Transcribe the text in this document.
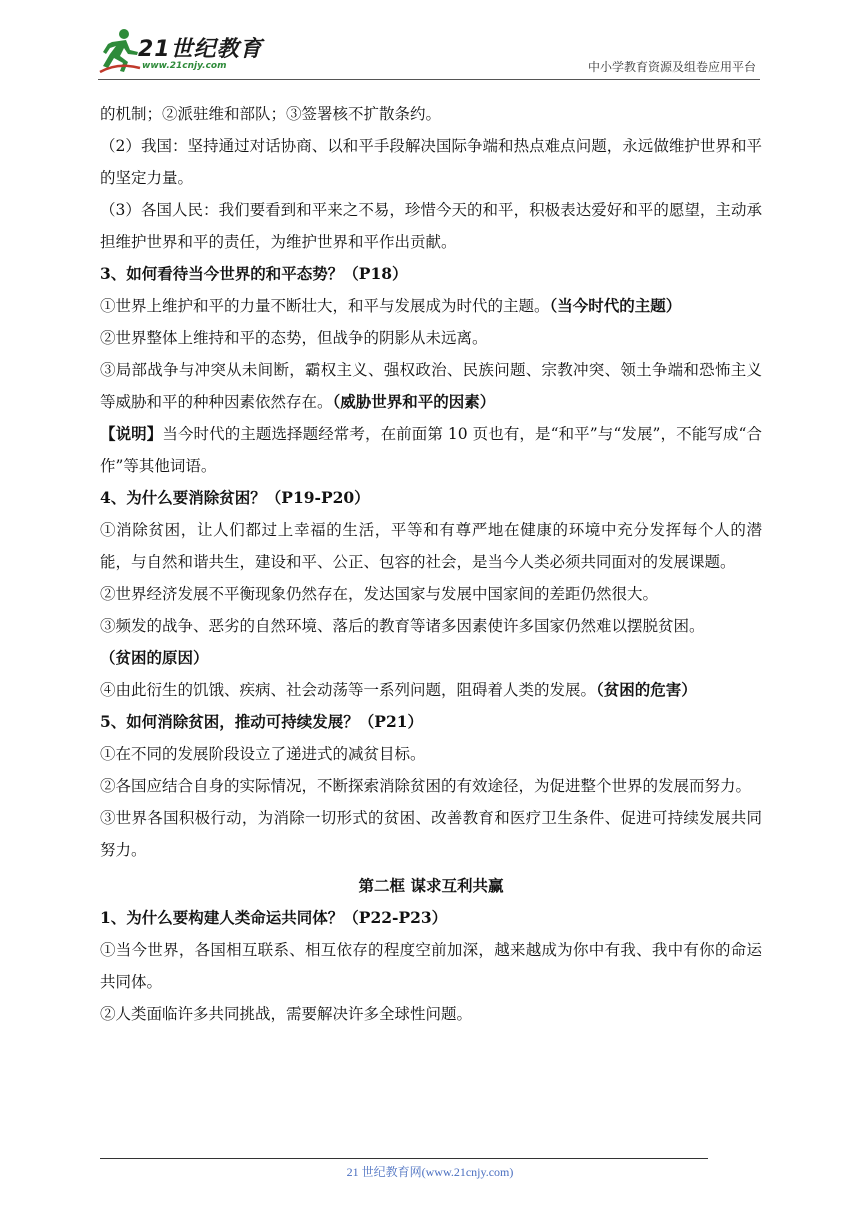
21世纪教育
www.21cnjy.com	中小学教育资源及组卷应用平台

的机制；②派驻维和部队；③签署核不扩散条约。

（2）我国：坚持通过对话协商、以和平手段解决国际争端和热点难点问题，永远做维护世界和平的坚定力量。

（3）各国人民：我们要看到和平来之不易，珍惜今天的和平，积极表达爱好和平的愿望，主动承担维护世界和平的责任，为维护世界和平作出贡献。

3、如何看待当今世界的和平态势？（P18）

①世界上维护和平的力量不断壮大，和平与发展成为时代的主题。（当今时代的主题）

②世界整体上维持和平的态势，但战争的阴影从未远离。

③局部战争与冲突从未间断，霸权主义、强权政治、民族问题、宗教冲突、领土争端和恐怖主义等威胁和平的种种因素依然存在。（威胁世界和平的因素）

【说明】当今时代的主题选择题经常考，在前面第 10 页也有，是“和平”与“发展”，不能写成“合作”等其他词语。

4、为什么要消除贫困？（P19-P20）

①消除贫困，让人们都过上幸福的生活，平等和有尊严地在健康的环境中充分发挥每个人的潜能，与自然和谐共生，建设和平、公正、包容的社会，是当今人类必须共同面对的发展课题。

②世界经济发展不平衡现象仍然存在，发达国家与发展中国家间的差距仍然很大。

③频发的战争、恶劣的自然环境、落后的教育等诸多因素使许多国家仍然难以摆脱贫困。

（贫困的原因）

④由此衍生的饥饿、疾病、社会动荡等一系列问题，阻碍着人类的发展。（贫困的危害）

5、如何消除贫困，推动可持续发展？（P21）

①在不同的发展阶段设立了递进式的减贫目标。

②各国应结合自身的实际情况，不断探索消除贫困的有效途径，为促进整个世界的发展而努力。

③世界各国积极行动，为消除一切形式的贫困、改善教育和医疗卫生条件、促进可持续发展共同努力。

第二框 谋求互利共赢

1、为什么要构建人类命运共同体？（P22-P23）

①当今世界，各国相互联系、相互依存的程度空前加深，越来越成为你中有我、我中有你的命运共同体。

②人类面临许多共同挑战，需要解决许多全球性问题。

21 世纪教育网(www.21cnjy.com)
